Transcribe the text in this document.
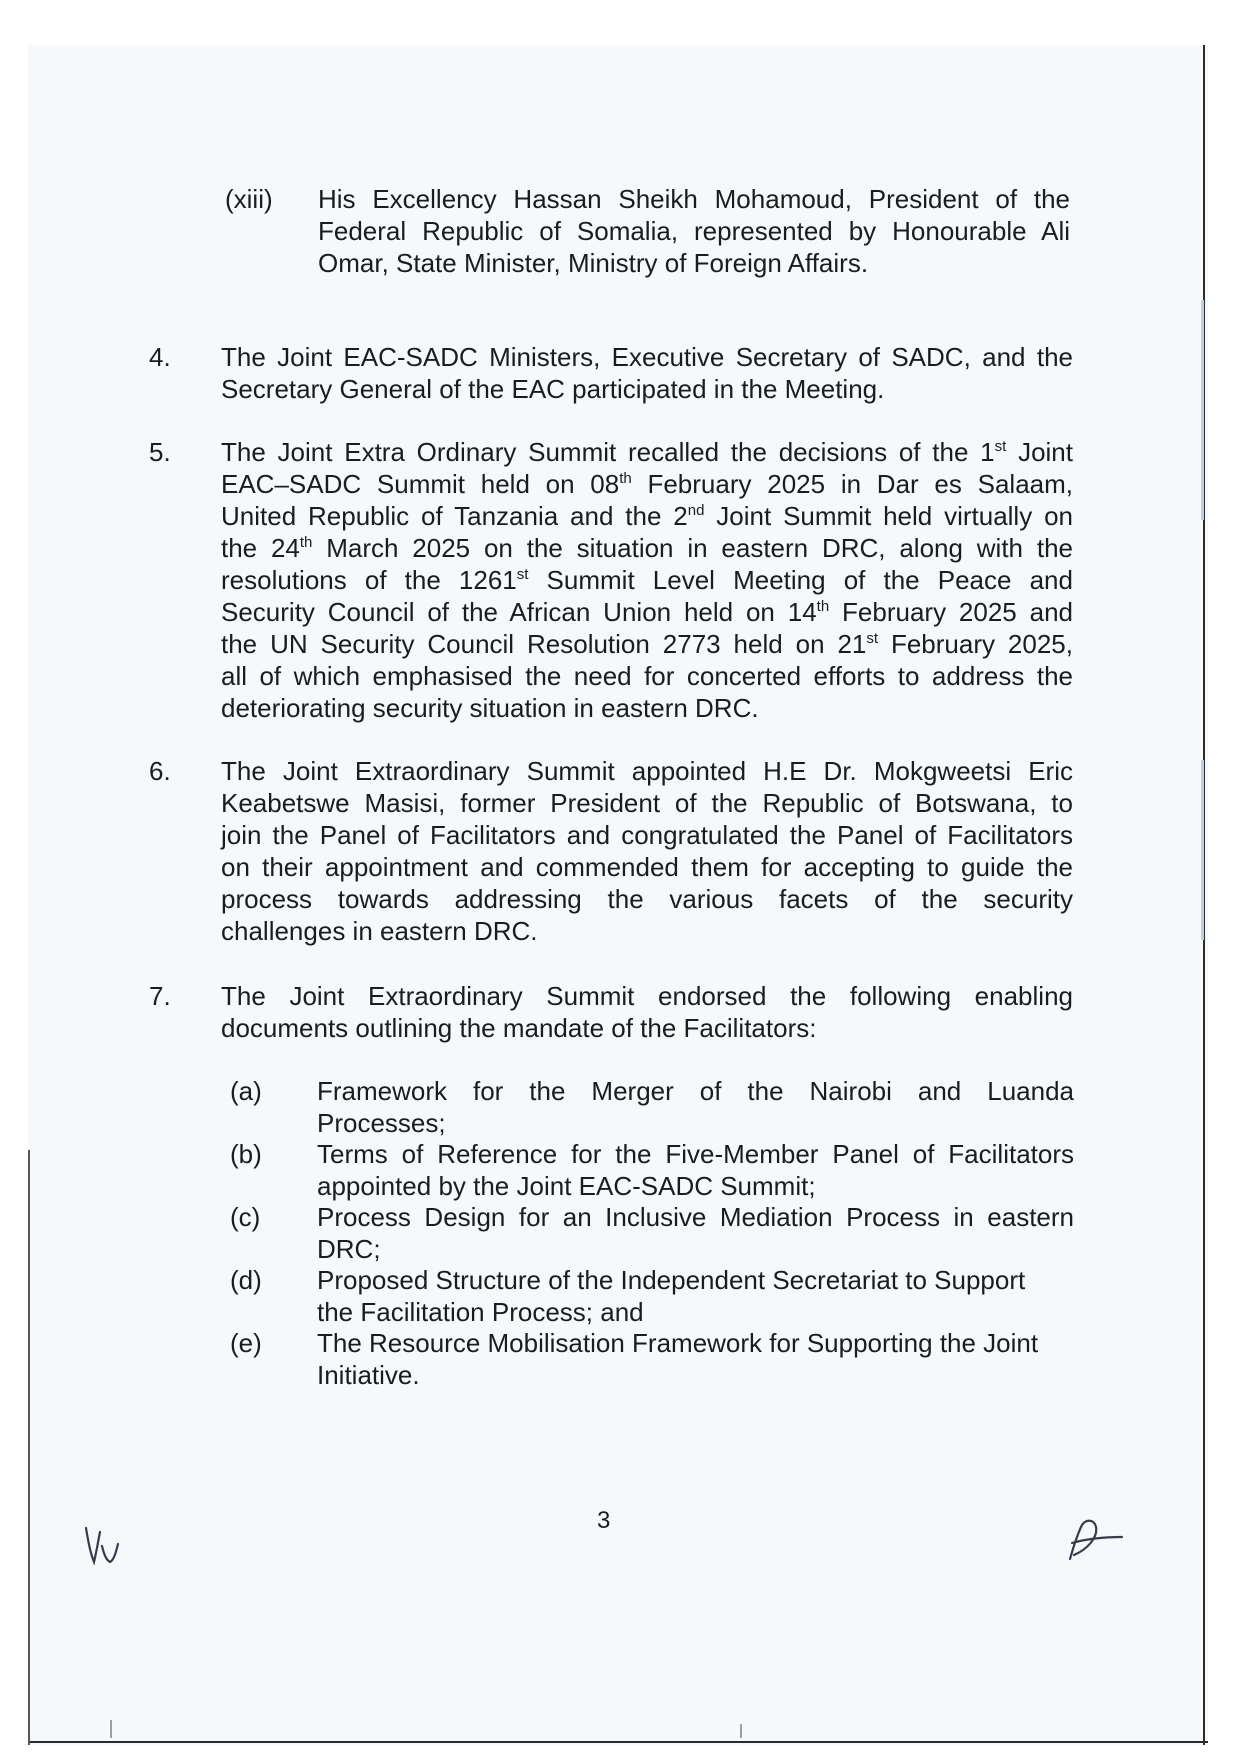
(xiii) His Excellency Hassan Sheikh Mohamoud, President of the
Federal Republic of Somalia, represented by Honourable Ali
Omar, State Minister, Ministry of Foreign Affairs.
4. The Joint EAC-SADC Ministers, Executive Secretary of SADC, and the
Secretary General of the EAC participated in the Meeting.
5. The Joint Extra Ordinary Summit recalled the decisions of the 1st Joint
EAC–SADC Summit held on 08th February 2025 in Dar es Salaam,
United Republic of Tanzania and the 2nd Joint Summit held virtually on
the 24th March 2025 on the situation in eastern DRC, along with the
resolutions of the 1261st Summit Level Meeting of the Peace and
Security Council of the African Union held on 14th February 2025 and
the UN Security Council Resolution 2773 held on 21st February 2025,
all of which emphasised the need for concerted efforts to address the
deteriorating security situation in eastern DRC.
6. The Joint Extraordinary Summit appointed H.E Dr. Mokgweetsi Eric
Keabetswe Masisi, former President of the Republic of Botswana, to
join the Panel of Facilitators and congratulated the Panel of Facilitators
on their appointment and commended them for accepting to guide the
process towards addressing the various facets of the security
challenges in eastern DRC.
7. The Joint Extraordinary Summit endorsed the following enabling
documents outlining the mandate of the Facilitators:
(a) Framework for the Merger of the Nairobi and Luanda
Processes;
(b) Terms of Reference for the Five-Member Panel of Facilitators
appointed by the Joint EAC-SADC Summit;
(c) Process Design for an Inclusive Mediation Process in eastern
DRC;
(d) Proposed Structure of the Independent Secretariat to Support
the Facilitation Process; and
(e) The Resource Mobilisation Framework for Supporting the Joint
Initiative.
3
